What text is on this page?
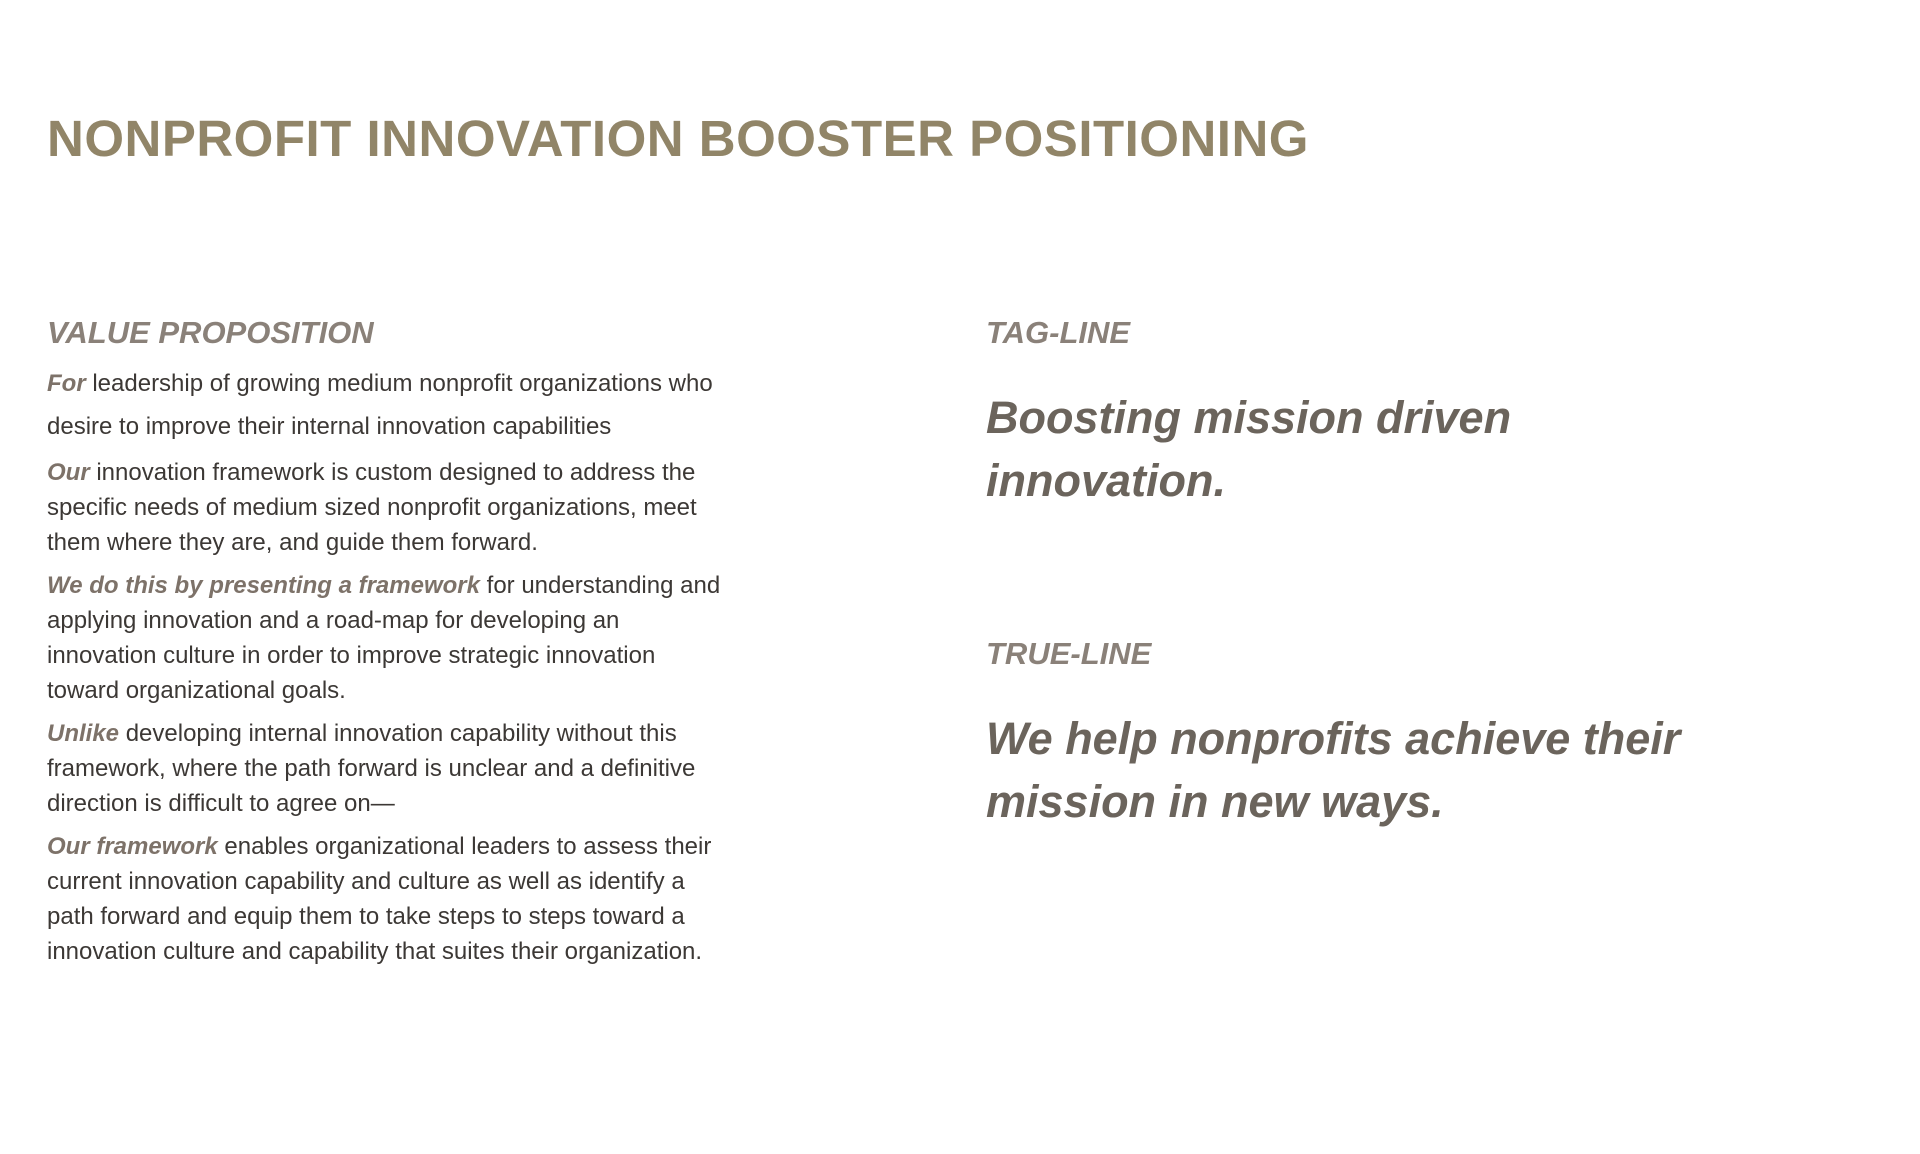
NONPROFIT INNOVATION BOOSTER POSITIONING
VALUE PROPOSITION

For leadership of growing medium nonprofit organizations who desire to improve their internal innovation capabilities

Our innovation framework is custom designed to address the specific needs of medium sized nonprofit organizations, meet them where they are, and guide them forward.

We do this by presenting a framework for understanding and applying innovation and a road-map for developing an innovation culture in order to improve strategic innovation toward organizational goals.

Unlike developing internal innovation capability without this framework, where the path forward is unclear and a definitive direction is difficult to agree on—

Our framework enables organizational leaders to assess their current innovation capability and culture as well as identify a path forward and equip them to take steps to steps toward a innovation culture and capability that suites their organization.

TAG-LINE

Boosting mission driven innovation.

TRUE-LINE

We help nonprofits achieve their mission in new ways.
